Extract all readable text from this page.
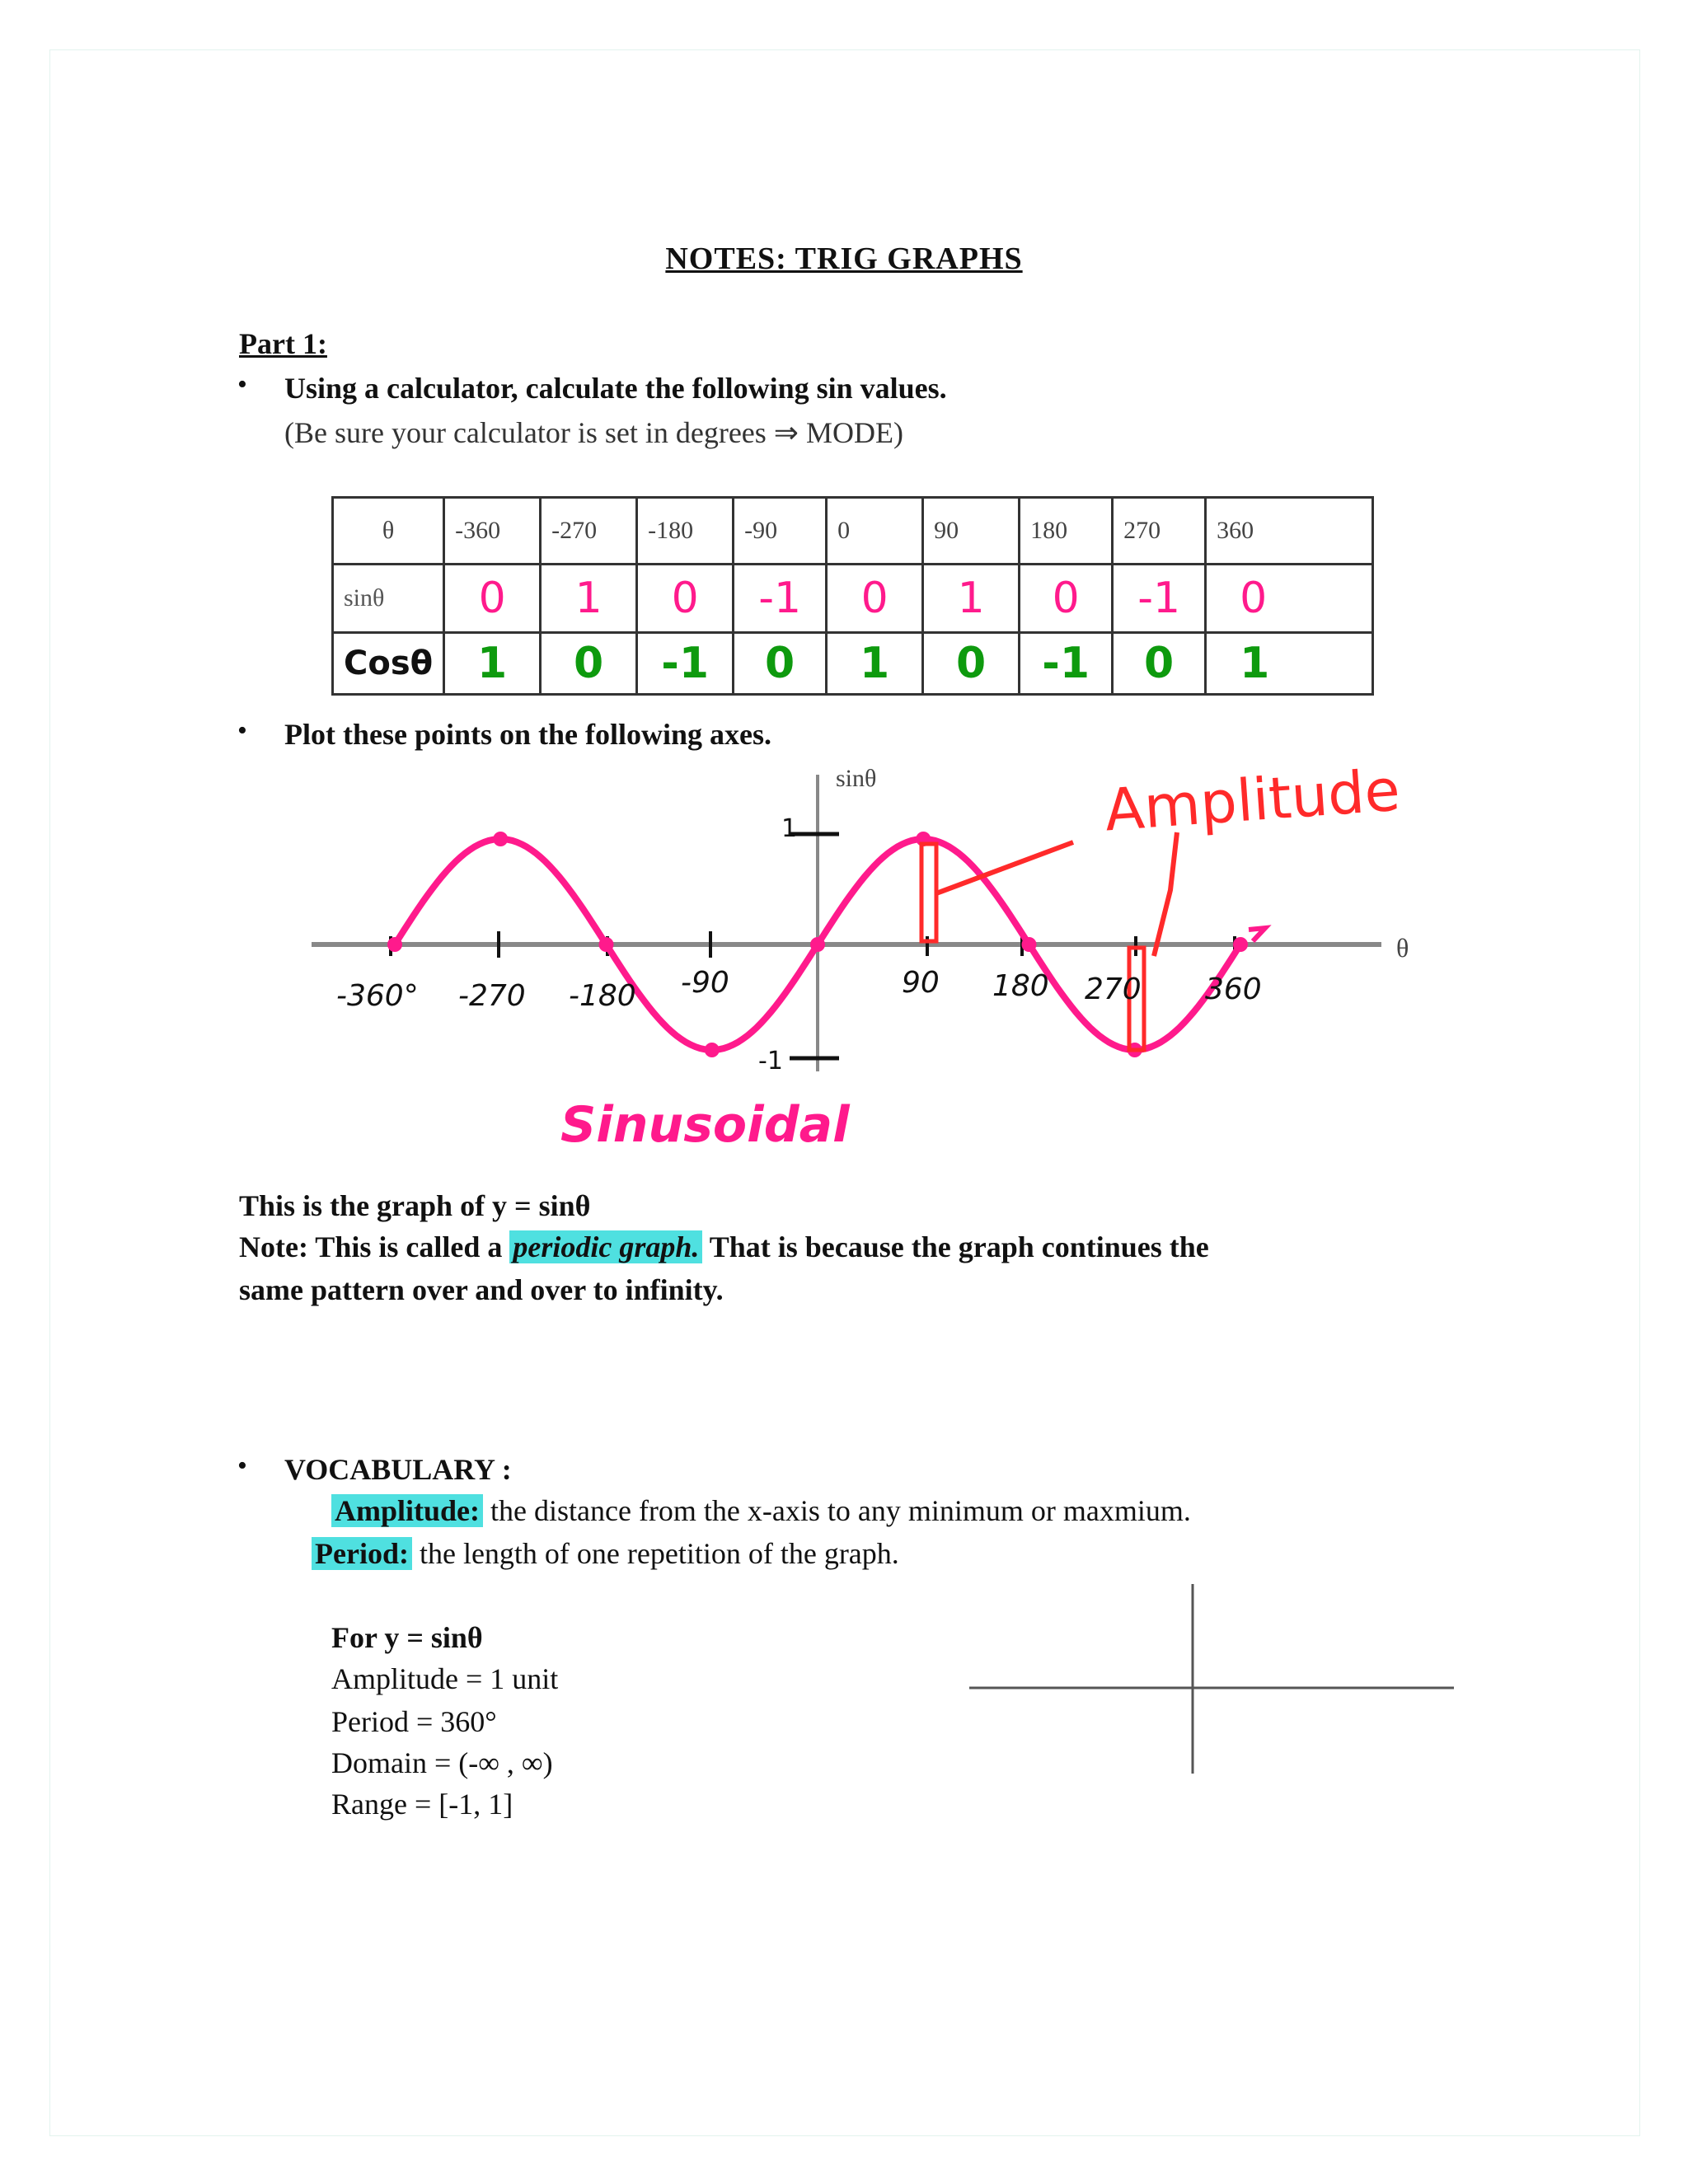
NOTES: TRIG GRAPHS
Part 1:
• Using a calculator, calculate the following sin values.
(Be sure your calculator is set in degrees ⇒ MODE)
θ	-360	-270	-180	-90	0	90	180	270	360
sinθ	0	1	0	-1	0	1	0	-1	0
Cosθ	1	0	-1	0	1	0	-1	0	1
• Plot these points on the following axes.
sinθ
θ
1
-1
-360° -270 -180 -90	90 180 270 360
Amplitude
Sinusoidal
This is the graph of y = sinθ
Note: This is called a periodic graph. That is because the graph continues the
same pattern over and over to infinity.
• VOCABULARY :
Amplitude: the distance from the x-axis to any minimum or maxmium.
Period: the length of one repetition of the graph.
For y = sinθ
Amplitude = 1 unit
Period = 360°
Domain = (-∞ , ∞)
Range = [-1, 1]
